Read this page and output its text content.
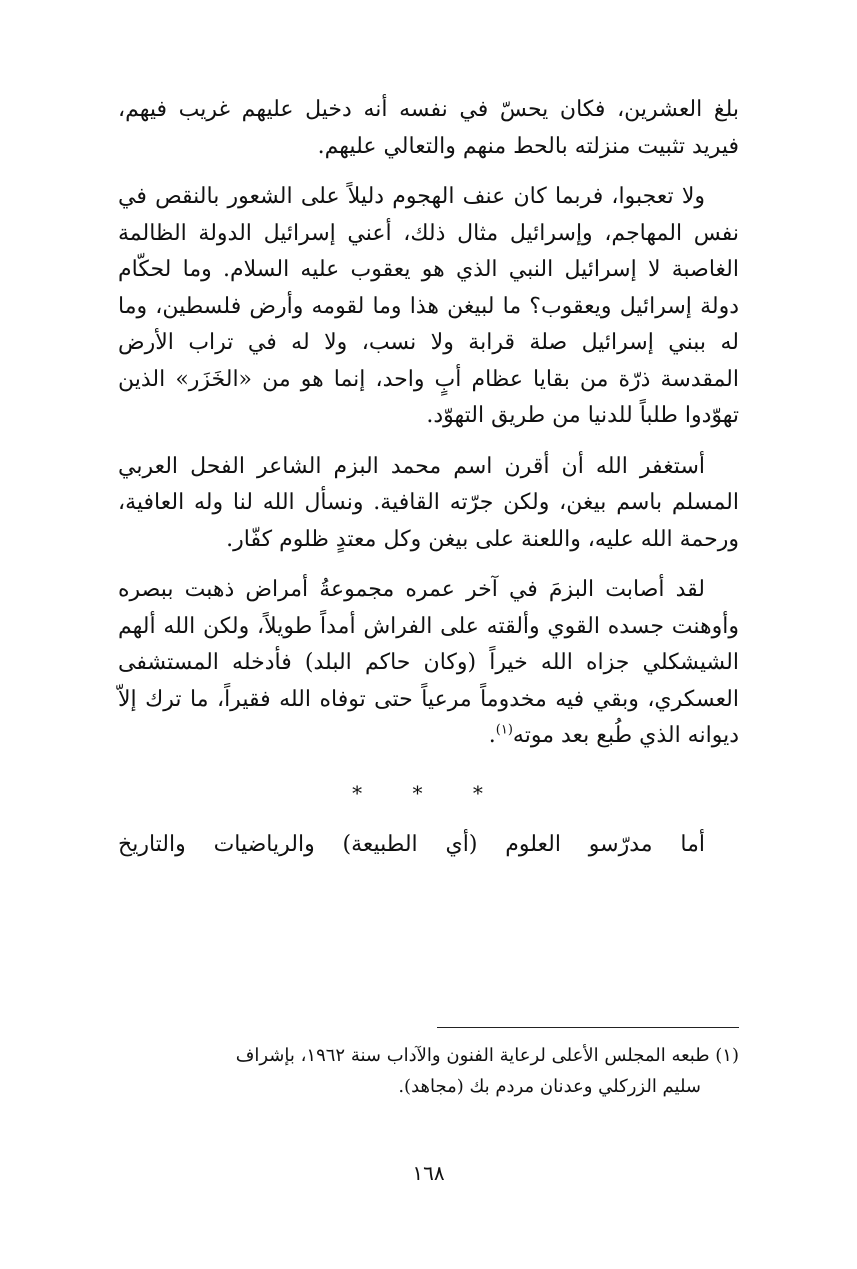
بلغ العشرين، فكان يحسّ في نفسه أنه دخيل عليهم غريب فيهم، فيريد تثبيت منزلته بالحط منهم والتعالي عليهم.

ولا تعجبوا، فربما كان عنف الهجوم دليلاً على الشعور بالنقص في نفس المهاجم، وإسرائيل مثال ذلك، أعني إسرائيل الدولة الظالمة الغاصبة لا إسرائيل النبي الذي هو يعقوب عليه السلام. وما لحكّام دولة إسرائيل ويعقوب؟ ما لبيغن هذا وما لقومه وأرض فلسطين، وما له ببني إسرائيل صلة قرابة ولا نسب، ولا له في تراب الأرض المقدسة ذرّة من بقايا عظام أبٍ واحد، إنما هو من «الخَزَر» الذين تهوّدوا طلباً للدنيا من طريق التهوّد.

أستغفر الله أن أقرن اسم محمد البزم الشاعر الفحل العربي المسلم باسم بيغن، ولكن جرّته القافية. ونسأل الله لنا وله العافية، ورحمة الله عليه، واللعنة على بيغن وكل معتدٍ ظلوم كفّار.

لقد أصابت البزمَ في آخر عمره مجموعةُ أمراض ذهبت ببصره وأوهنت جسده القوي وألقته على الفراش أمداً طويلاً، ولكن الله ألهم الشيشكلي جزاه الله خيراً (وكان حاكم البلد) فأدخله المستشفى العسكري، وبقي فيه مخدوماً مرعياً حتى توفاه الله فقيراً، ما ترك إلاّ ديوانه الذي طُبع بعد موته$^{(١)}$.

* * *

أما مدرّسو العلوم (أي الطبيعة) والرياضيات والتاريخ

(١) طبعه المجلس الأعلى لرعاية الفنون والآداب سنة ١٩٦٢، بإشراف

سليم الزركلي وعدنان مردم بك (مجاهد).

١٦٨
